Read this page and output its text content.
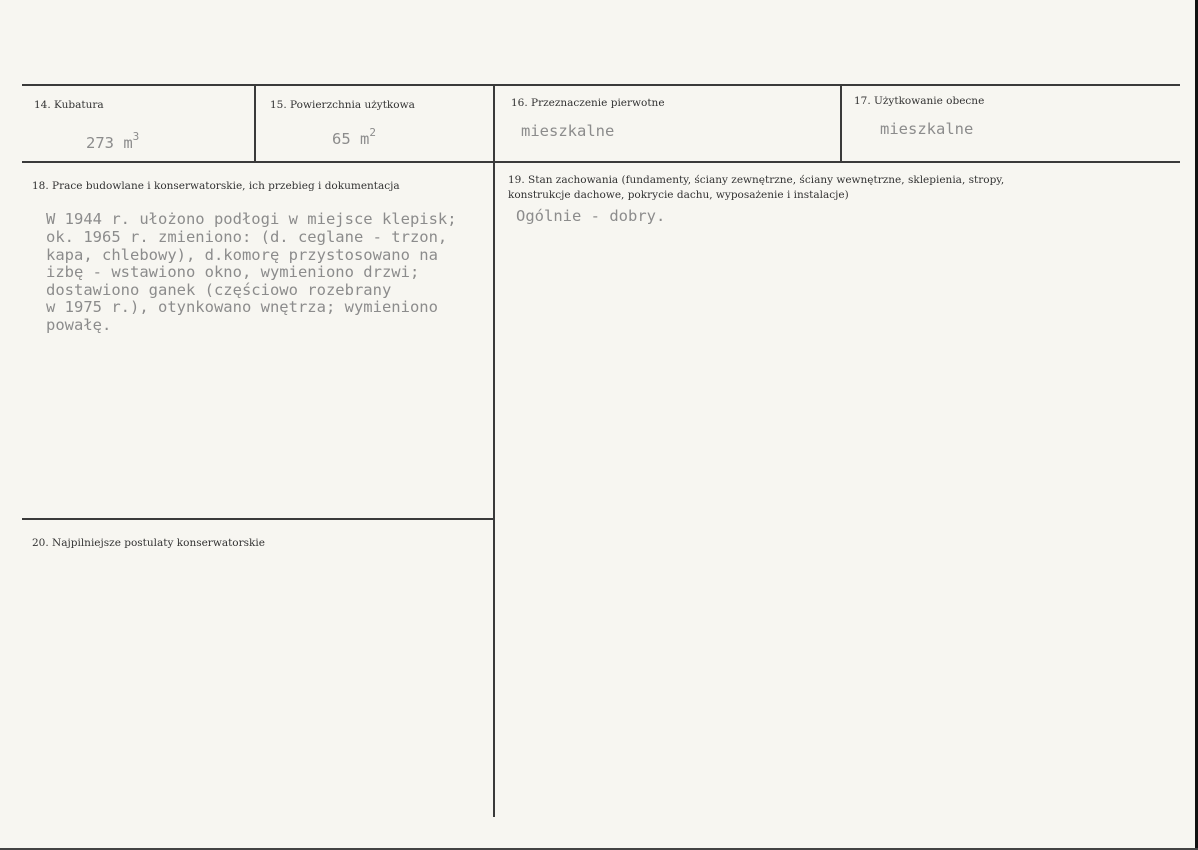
14. Kubatura
273 $m^3$
15. Powierzchnia użytkowa
65 $m^2$
16. Przeznaczenie pierwotne
mieszkalne
17. Użytkowanie obecne
mieszkalne
18. Prace budowlane i konserwatorskie, ich przebieg i dokumentacja
W 1944 r. ułożono podłogi w miejsce klepisk;
ok. 1965 r. zmieniono: (d. ceglane - trzon,
kapa, chlebowy), d.komorę przystosowano na
izbę - wstawiono okno, wymieniono drzwi;
dostawiono ganek (częściowo rozebrany
w 1975 r.), otynkowano wnętrza; wymieniono
powałę.
19. Stan zachowania (fundamenty, ściany zewnętrzne, ściany wewnętrzne, sklepienia, stropy,
konstrukcje dachowe, pokrycie dachu, wyposażenie i instalacje)
Ogólnie - dobry.
20. Najpilniejsze postulaty konserwatorskie
